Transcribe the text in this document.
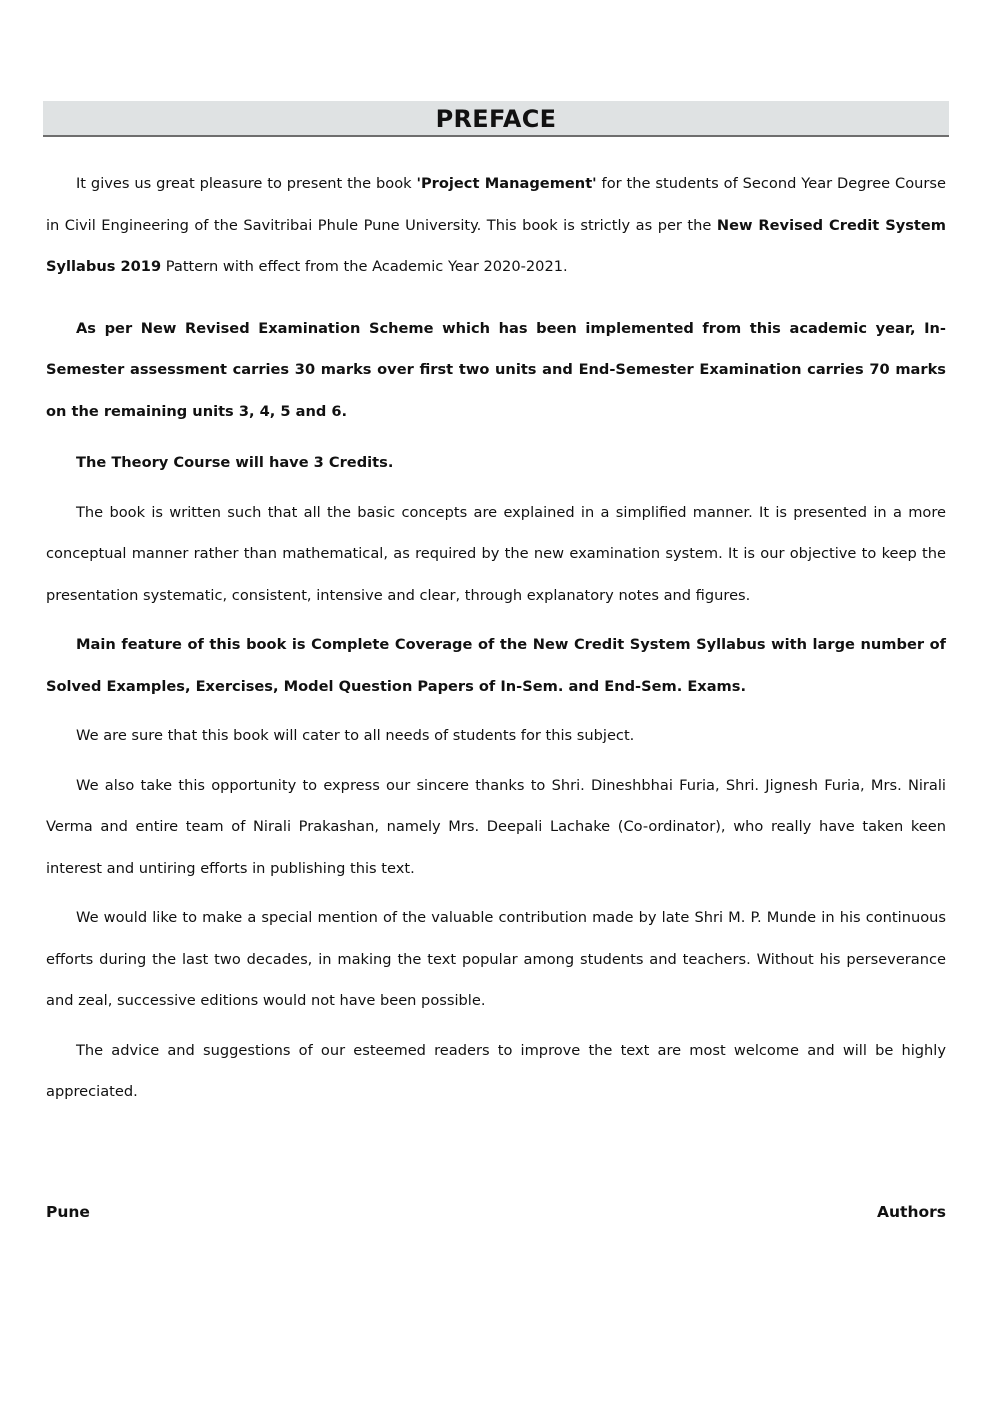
PREFACE

It gives us great pleasure to present the book 'Project Management' for the students of Second Year Degree Course in Civil Engineering of the Savitribai Phule Pune University. This book is strictly as per the New Revised Credit System Syllabus 2019 Pattern with effect from the Academic Year 2020-2021.

As per New Revised Examination Scheme which has been implemented from this academic year, In-Semester assessment carries 30 marks over first two units and End-Semester Examination carries 70 marks on the remaining units 3, 4, 5 and 6.

The Theory Course will have 3 Credits.

The book is written such that all the basic concepts are explained in a simplified manner. It is presented in a more conceptual manner rather than mathematical, as required by the new examination system. It is our objective to keep the presentation systematic, consistent, intensive and clear, through explanatory notes and figures.

Main feature of this book is Complete Coverage of the New Credit System Syllabus with large number of Solved Examples, Exercises, Model Question Papers of In-Sem. and End-Sem. Exams.

We are sure that this book will cater to all needs of students for this subject.

We also take this opportunity to express our sincere thanks to Shri. Dineshbhai Furia, Shri. Jignesh Furia, Mrs. Nirali Verma and entire team of Nirali Prakashan, namely Mrs. Deepali Lachake (Co-ordinator), who really have taken keen interest and untiring efforts in publishing this text.

We would like to make a special mention of the valuable contribution made by late Shri M. P. Munde in his continuous efforts during the last two decades, in making the text popular among students and teachers. Without his perseverance and zeal, successive editions would not have been possible.

The advice and suggestions of our esteemed readers to improve the text are most welcome and will be highly appreciated.

Pune	Authors
